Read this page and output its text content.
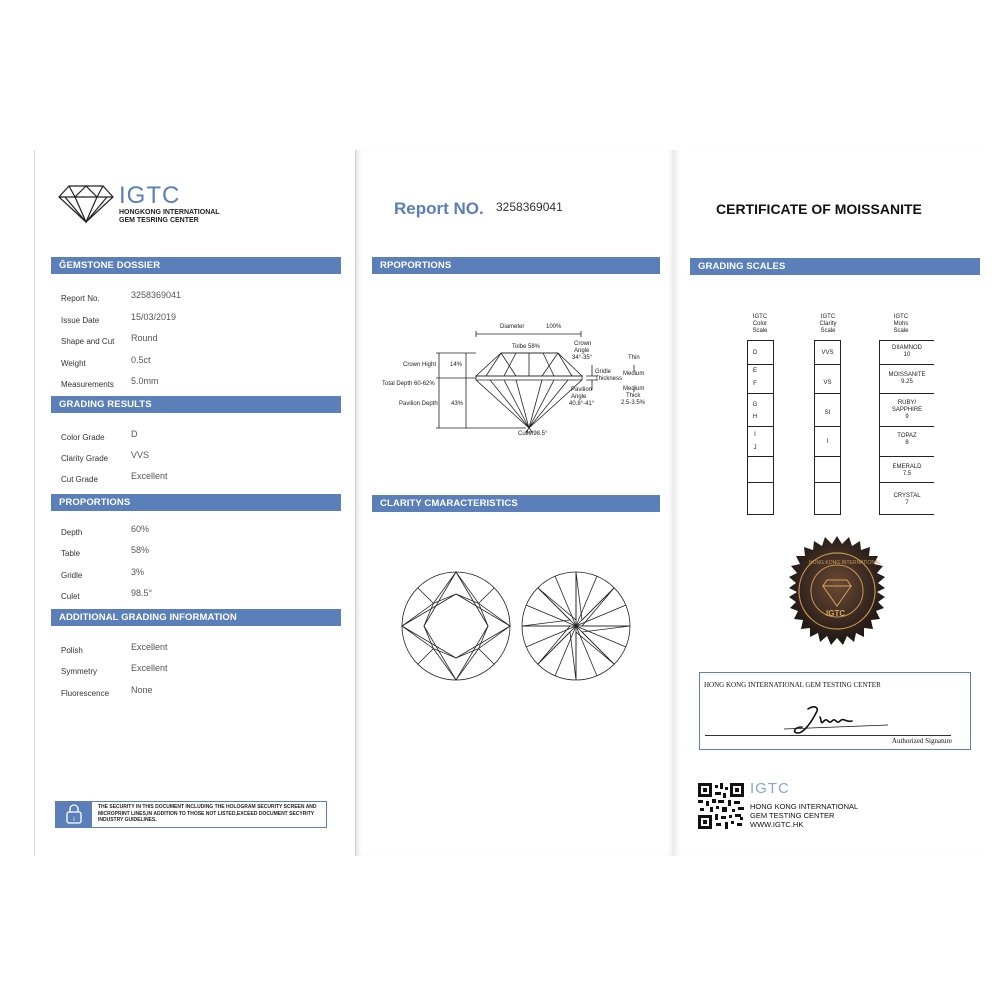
IGTC
HONGKONG INTERNATIONAL
GEM TESRING CENTER
ĞEMSTONE DOSSIER
Report No.	3258369041
Issue Date	15/03/2019
Shape and Cut Round
Weight	0.5ct
Measurements 5.0mm
GRADING RESULTS
Color Grade	D
Clarity Grade	VVS
Cut Grade	Excellent
PROPORTIONS
Depth	60%
Table	58%
Gridle	3%
Culet	98.5°
ADDITIONAL GRADING INFORMATION
Polish	Excellent
Symmetry	Excellent
Fluorescence None
i
THE SECURITY IN THIS DOCUMENT INCLUDING THE HOLOGRAM SECURITY SCREEN AND MICROPRINT LINES,IN ADDITION TO THOSE NOT LISTED,EXCEED DOCUMENT SECYRITY INDUSTRY GUIDELINES.
Report NO. 3258369041
RPOPORTIONS
Diameter	100%
Tolbe 58%	Crown
Angle
34°-35°
Crown Hight 14%
Total Depth 60-62%
Pavilion Depth 43%
Gridle
Thickness
Pavilion
Angle
40.8°-41°
Thin
Medium
Medium
Thick
2.5-3.5%
Cullet98.5°
CLARITY CMARACTERISTICS
CERTIFICATE OF MOISSANITE
GRADING SCALES
IGTC
Color
Scale
D
E
F
G
H
I
J
IGTC
Clarity
Scale
VVS
VS
SI
I
IGTC
Mohs
Scale
DIIAMNOD
10
MOISSANITE
9.25
RUBY/ SAPPHIRE
9
TOPAZ
8
EMERALD
7.5
CRYSTAL
7
HONG KONG INTERNATIONAL
IGTC
HONG KONG INTERNATIONAL GEM TESTING CENTER
Authorized Signature
IGTC
HONG KONG INTERNATIONAL
GEM TESTING CENTER
WWW.IGTC.HK
